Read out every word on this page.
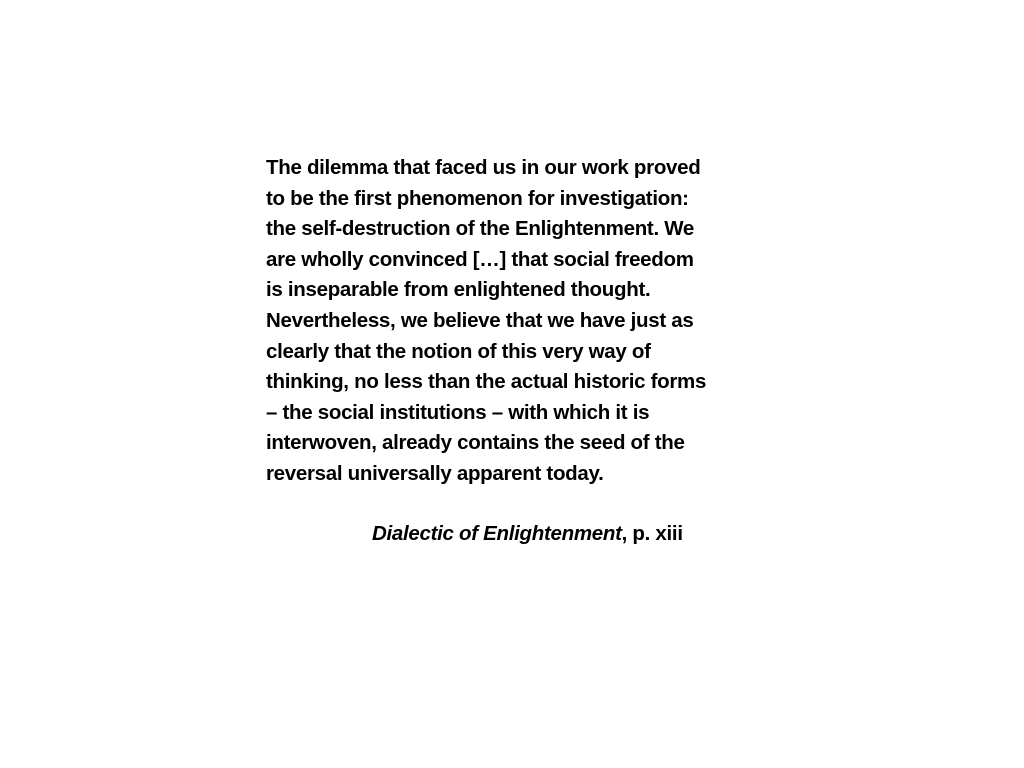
The dilemma that faced us in our work proved
to be the first phenomenon for investigation:
the self-destruction of the Enlightenment. We
are wholly convinced […] that social freedom
is inseparable from enlightened thought.
Nevertheless, we believe that we have just as
clearly that the notion of this very way of
thinking, no less than the actual historic forms
– the social institutions – with which it is
interwoven, already contains the seed of the
reversal universally apparent today.
Dialectic of Enlightenment, p. xiii
